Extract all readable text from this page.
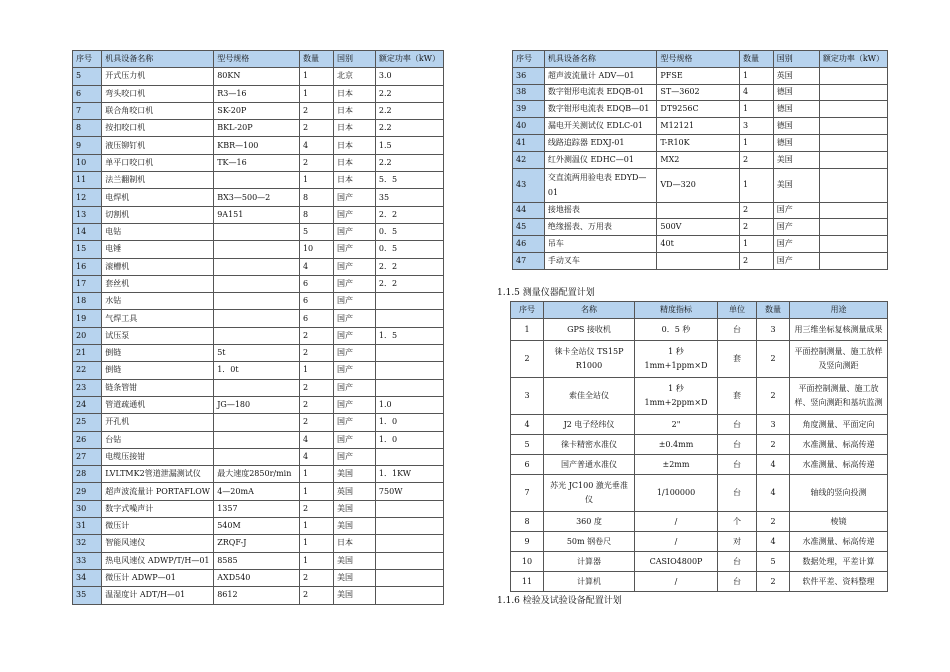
序号	机具设备名称	型号规格	数量	国别	额定功率（kW）
5	开式压力机	80KN	1	北京	3.0
6	弯头咬口机	R3—16	1	日本	2.2
7	联合角咬口机	SK-20P	2	日本	2.2
8	按扣咬口机	BKL-20P	2	日本	2.2
9	液压铆钉机	KBR—100	4	日本	1.5
10	单平口咬口机	TK—16	2	日本	2.2
11	法兰翻制机		1	日本	5．5
12	电焊机	BX3—500—2	8	国产	35
13	切割机	9A151	8	国产	2．2
14	电钻		5	国产	0．5
15	电锤		10	国产	0．5
16	滚槽机		4	国产	2．2
17	套丝机		6	国产	2．2
18	水钻		6	国产	
19	气焊工具		6	国产	
20	试压泵		2	国产	1．5
21	倒链	5t	2	国产	
22	倒链	1．0t	1	国产	
23	链条管钳		2	国产	
24	管道疏通机	JG—180	2	国产	1.0
25	开孔机		2	国产	1．0
26	台钻		4	国产	1．0
27	电缆压接钳		4	国产	
28	LVLTMK2管道泄漏测试仪	最大速度2850r/min	1	美国	1．1KW
29	超声波流量计 PORTAFLOW	4—20mA	1	英国	750W
30	数字式噪声计	1357	2	美国	
31	微压计	540M	1	美国	
32	智能风速仪	ZRQF-J	1	日本	
33	热电风速仪 ADWP/T/H—01	8585	1	美国	
34	微压计 ADWP—01	AXD540	2	美国	
35	温湿度计 ADT/H—01	8612	2	美国	
序号	机具设备名称	型号规格	数量	国别	额定功率（kW）
36	超声波流量计 ADV—01	PFSE	1	英国	
38	数字钳形电流表 EDQB-01	ST—3602	4	德国	
39	数字钳形电流表 EDQB—01	DT9256C	1	德国	
40	漏电开关测试仪 EDLC-01	M12121	3	德国	
41	线路追踪器 EDXJ-01	T-R10K	1	德国	
42	红外测温仪 EDHC—01	MX2	2	美国	
43	交直流两用验电表 EDYD—01	VD—320	1	美国	
44	接地摇表		2	国产	
45	绝缘摇表、万用表	500V	2	国产	
46	吊车	40t	1	国产	
47	手动叉车		2	国产	
1.1.5 测量仪器配置计划
序号	名称	精度指标	单位	数量	用途
1	GPS 接收机	0．5 秒	台	3	用三维坐标复核测量成果
2	徕卡全站仪 TS15P R1000	1 秒 1mm+1ppm×D	套	2	平面控制测量、施工放样及竖向测距
3	索佳全站仪	1 秒 1mm+2ppm×D	套	2	平面控制测量、施工放样、竖向测距和基坑监测
4	J2 电子经纬仪	2"	台	3	角度测量、平面定向
5	徕卡精密水准仪	±0.4mm	台	2	水准测量、标高传递
6	国产普通水准仪	±2mm	台	4	水准测量、标高传递
7	苏光 JC100 激光垂准仪	1/100000	台	4	轴线的竖向投测
8	360 度	/	个	2	棱镜
9	50m 钢卷尺	/	对	4	水准测量、标高传递
10	计算器	CASIO4800P	台	5	数据处理，平差计算
11	计算机	/	台	2	软件平差、资料整理
1.1.6 检验及试验设备配置计划
